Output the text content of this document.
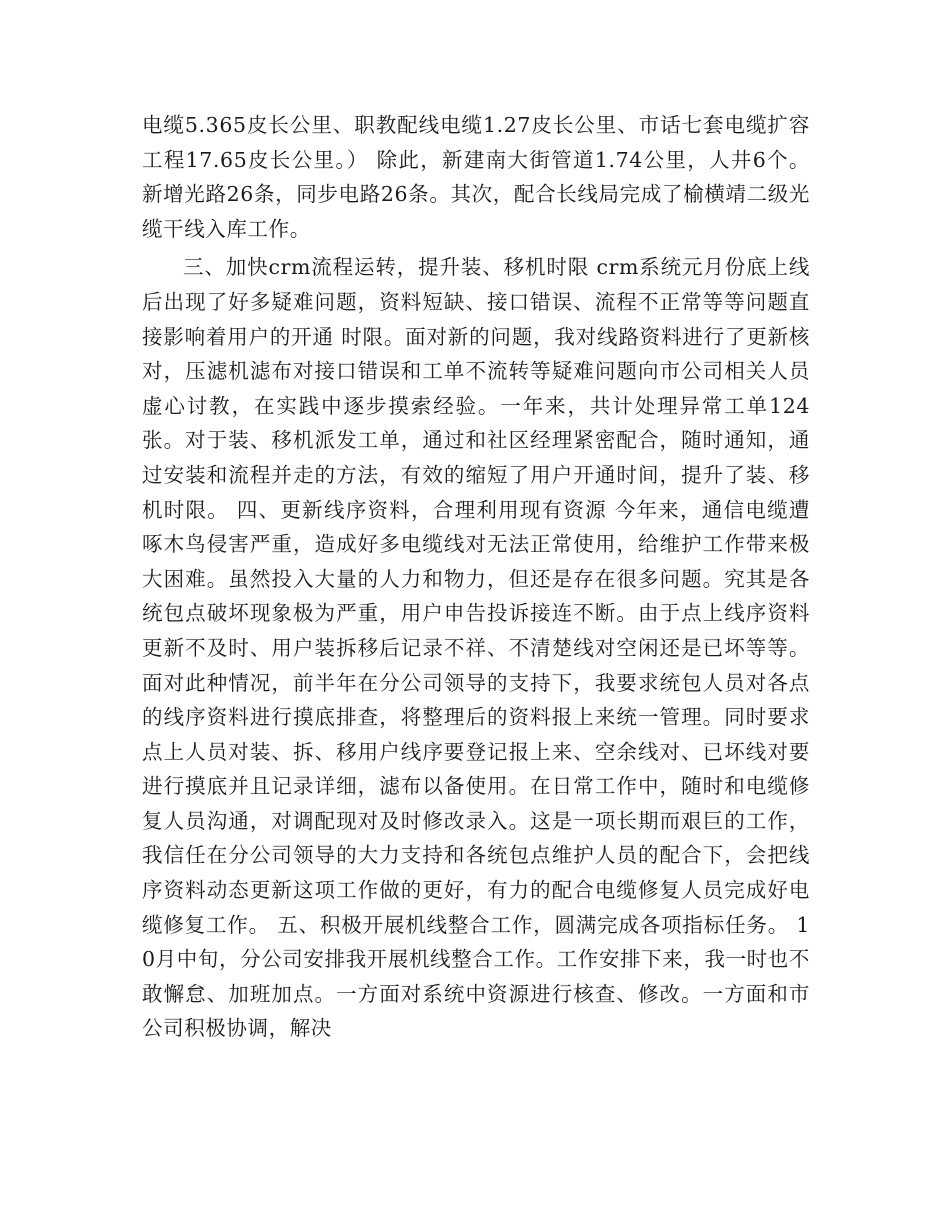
电缆5.365皮长公里、职教配线电缆1.27皮长公里、市话七套电缆扩容工程17.65皮长公里。） 除此，新建南大街管道1.74公里，人井6个。新增光路26条，同步电路26条。其次，配合长线局完成了榆横靖二级光缆干线入库工作。

三、加快crm流程运转，提升装、移机时限 crm系统元月份底上线后出现了好多疑难问题，资料短缺、接口错误、流程不正常等等问题直接影响着用户的开通 时限。面对新的问题，我对线路资料进行了更新核对，压滤机滤布对接口错误和工单不流转等疑难问题向市公司相关人员虚心讨教，在实践中逐步摸索经验。一年来，共计处理异常工单124张。对于装、移机派发工单，通过和社区经理紧密配合，随时通知，通过安装和流程并走的方法，有效的缩短了用户开通时间，提升了装、移机时限。 四、更新线序资料，合理利用现有资源 今年来，通信电缆遭啄木鸟侵害严重，造成好多电缆线对无法正常使用，给维护工作带来极大困难。虽然投入大量的人力和物力，但还是存在很多问题。究其是各统包点破坏现象极为严重，用户申告投诉接连不断。由于点上线序资料更新不及时、用户装拆移后记录不祥、不清楚线对空闲还是已坏等等。面对此种情况，前半年在分公司领导的支持下，我要求统包人员对各点的线序资料进行摸底排查，将整理后的资料报上来统一管理。同时要求点上人员对装、拆、移用户线序要登记报上来、空余线对、已坏线对要进行摸底并且记录详细，滤布以备使用。在日常工作中，随时和电缆修复人员沟通，对调配现对及时修改录入。这是一项长期而艰巨的工作，我信任在分公司领导的大力支持和各统包点维护人员的配合下，会把线序资料动态更新这项工作做的更好，有力的配合电缆修复人员完成好电缆修复工作。 五、积极开展机线整合工作，圆满完成各项指标任务。 10月中旬，分公司安排我开展机线整合工作。工作安排下来，我一时也不敢懈怠、加班加点。一方面对系统中资源进行核查、修改。一方面和市公司积极协调，解决
